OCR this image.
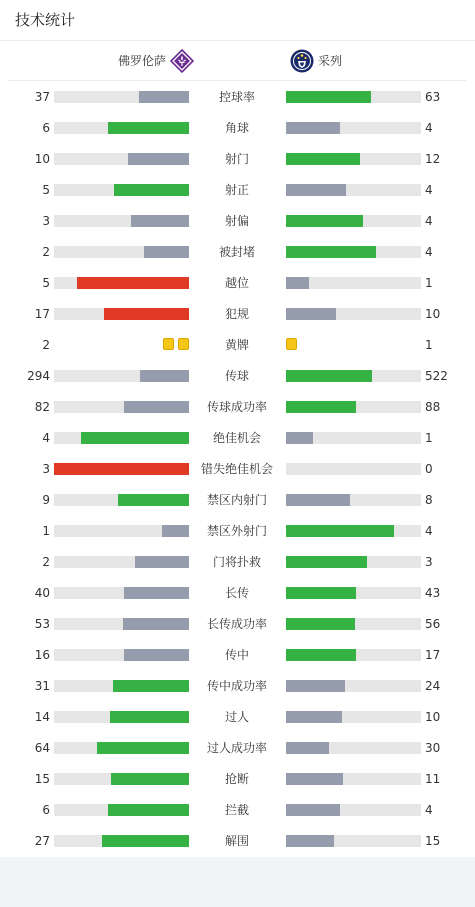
技术统计
佛罗伦萨	采列
37	控球率	63
6	角球	4
10	射门	12
5	射正	4
3	射偏	4
2	被封堵	4
5	越位	1
17	犯规	10
2	黄牌	1
294	传球	522
82	传球成功率	88
4	绝佳机会	1
3	错失绝佳机会	0
9	禁区内射门	8
1	禁区外射门	4
2	门将扑救	3
40	长传	43
53	长传成功率	56
16	传中	17
31	传中成功率	24
14	过人	10
64	过人成功率	30
15	抢断	11
6	拦截	4
27	解围	15
